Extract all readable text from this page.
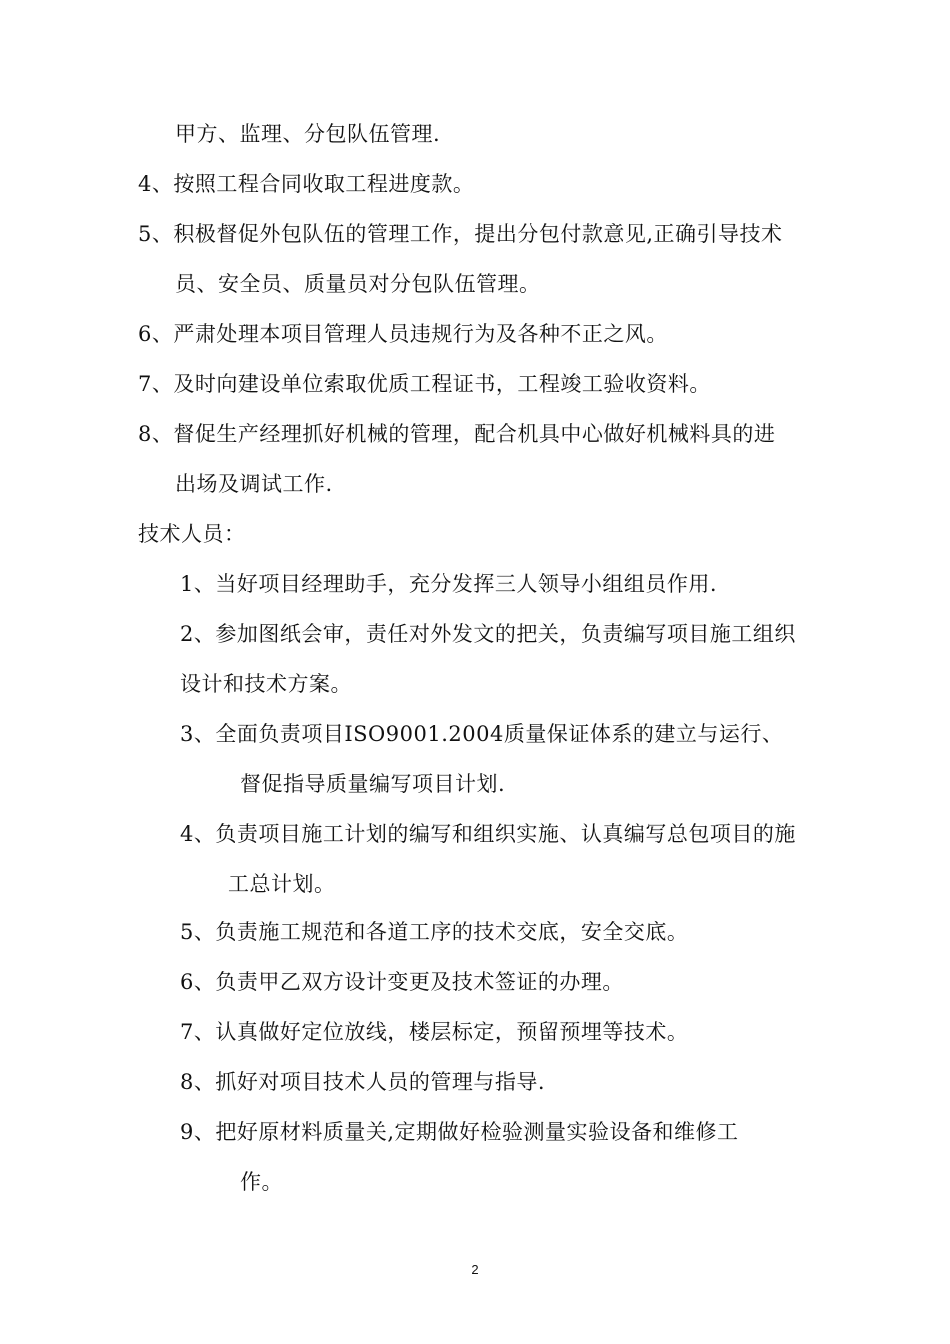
甲方、监理、分包队伍管理.
4、按照工程合同收取工程进度款。
5、积极督促外包队伍的管理工作，提出分包付款意见,正确引导技术
员、安全员、质量员对分包队伍管理。
6、严肃处理本项目管理人员违规行为及各种不正之风。
7、及时向建设单位索取优质工程证书，工程竣工验收资料。
8、督促生产经理抓好机械的管理，配合机具中心做好机械料具的进
出场及调试工作.
技术人员：
1、当好项目经理助手，充分发挥三人领导小组组员作用.
2、参加图纸会审，责任对外发文的把关，负责编写项目施工组织
设计和技术方案。
3、全面负责项目ISO9001.2004质量保证体系的建立与运行、
督促指导质量编写项目计划.
4、负责项目施工计划的编写和组织实施、认真编写总包项目的施
工总计划。
5、负责施工规范和各道工序的技术交底，安全交底。
6、负责甲乙双方设计变更及技术签证的办理。
7、认真做好定位放线，楼层标定，预留预埋等技术。
8、抓好对项目技术人员的管理与指导.
9、把好原材料质量关,定期做好检验测量实验设备和维修工
作。
2
